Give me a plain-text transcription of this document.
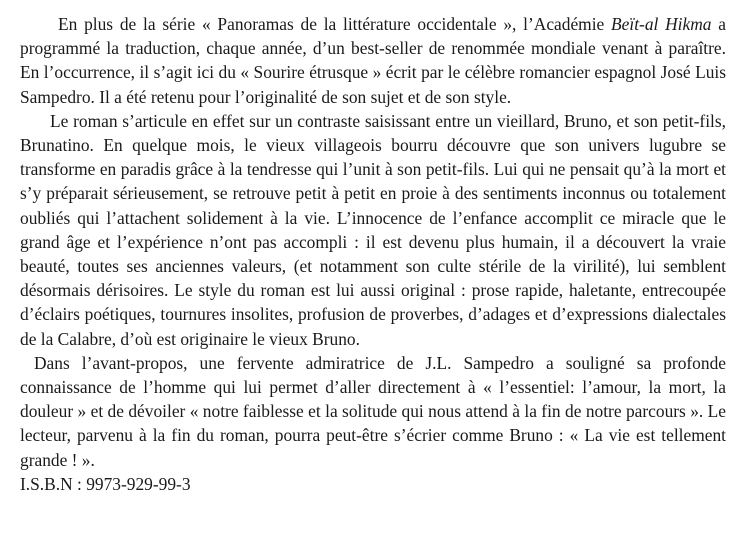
En plus de la série « Panoramas de la littérature occidentale », l’Académie Beït-al Hikma a programmé la traduction, chaque année, d’un best-seller de renommée mondiale venant à paraître. En l’occurrence, il s’agit ici du « Sourire étrusque » écrit par le célèbre romancier espagnol José Luis Sampedro. Il a été retenu pour l’originalité de son sujet et de son style.

Le roman s’articule en effet sur un contraste saisissant entre un vieillard, Bruno, et son petit-fils, Brunatino. En quelque mois, le vieux villageois bourru découvre que son univers lugubre se transforme en paradis grâce à la tendresse qui l’unit à son petit-fils. Lui qui ne pensait qu’à la mort et s’y préparait sérieusement, se retrouve petit à petit en proie à des sentiments inconnus ou totalement oubliés qui l’attachent solidement à la vie. L’innocence de l’enfance accomplit ce miracle que le grand âge et l’expérience n’ont pas accompli : il est devenu plus humain, il a découvert la vraie beauté, toutes ses anciennes valeurs, (et notamment son culte stérile de la virilité), lui semblent désormais dérisoires. Le style du roman est lui aussi original : prose rapide, haletante, entrecoupée d’éclairs poétiques, tournures insolites, profusion de proverbes, d’adages et d’expressions dialectales de la Calabre, d’où est originaire le vieux Bruno.

Dans l’avant-propos, une fervente admiratrice de J.L. Sampedro a souligné sa profonde connaissance de l’homme qui lui permet d’aller directement à « l’essentiel: l’amour, la mort, la douleur » et de dévoiler « notre faiblesse et la solitude qui nous attend à la fin de notre parcours ». Le lecteur, parvenu à la fin du roman, pourra peut-être s’écrier comme Bruno : « La vie est tellement grande ! ».

I.S.B.N : 9973-929-99-3
